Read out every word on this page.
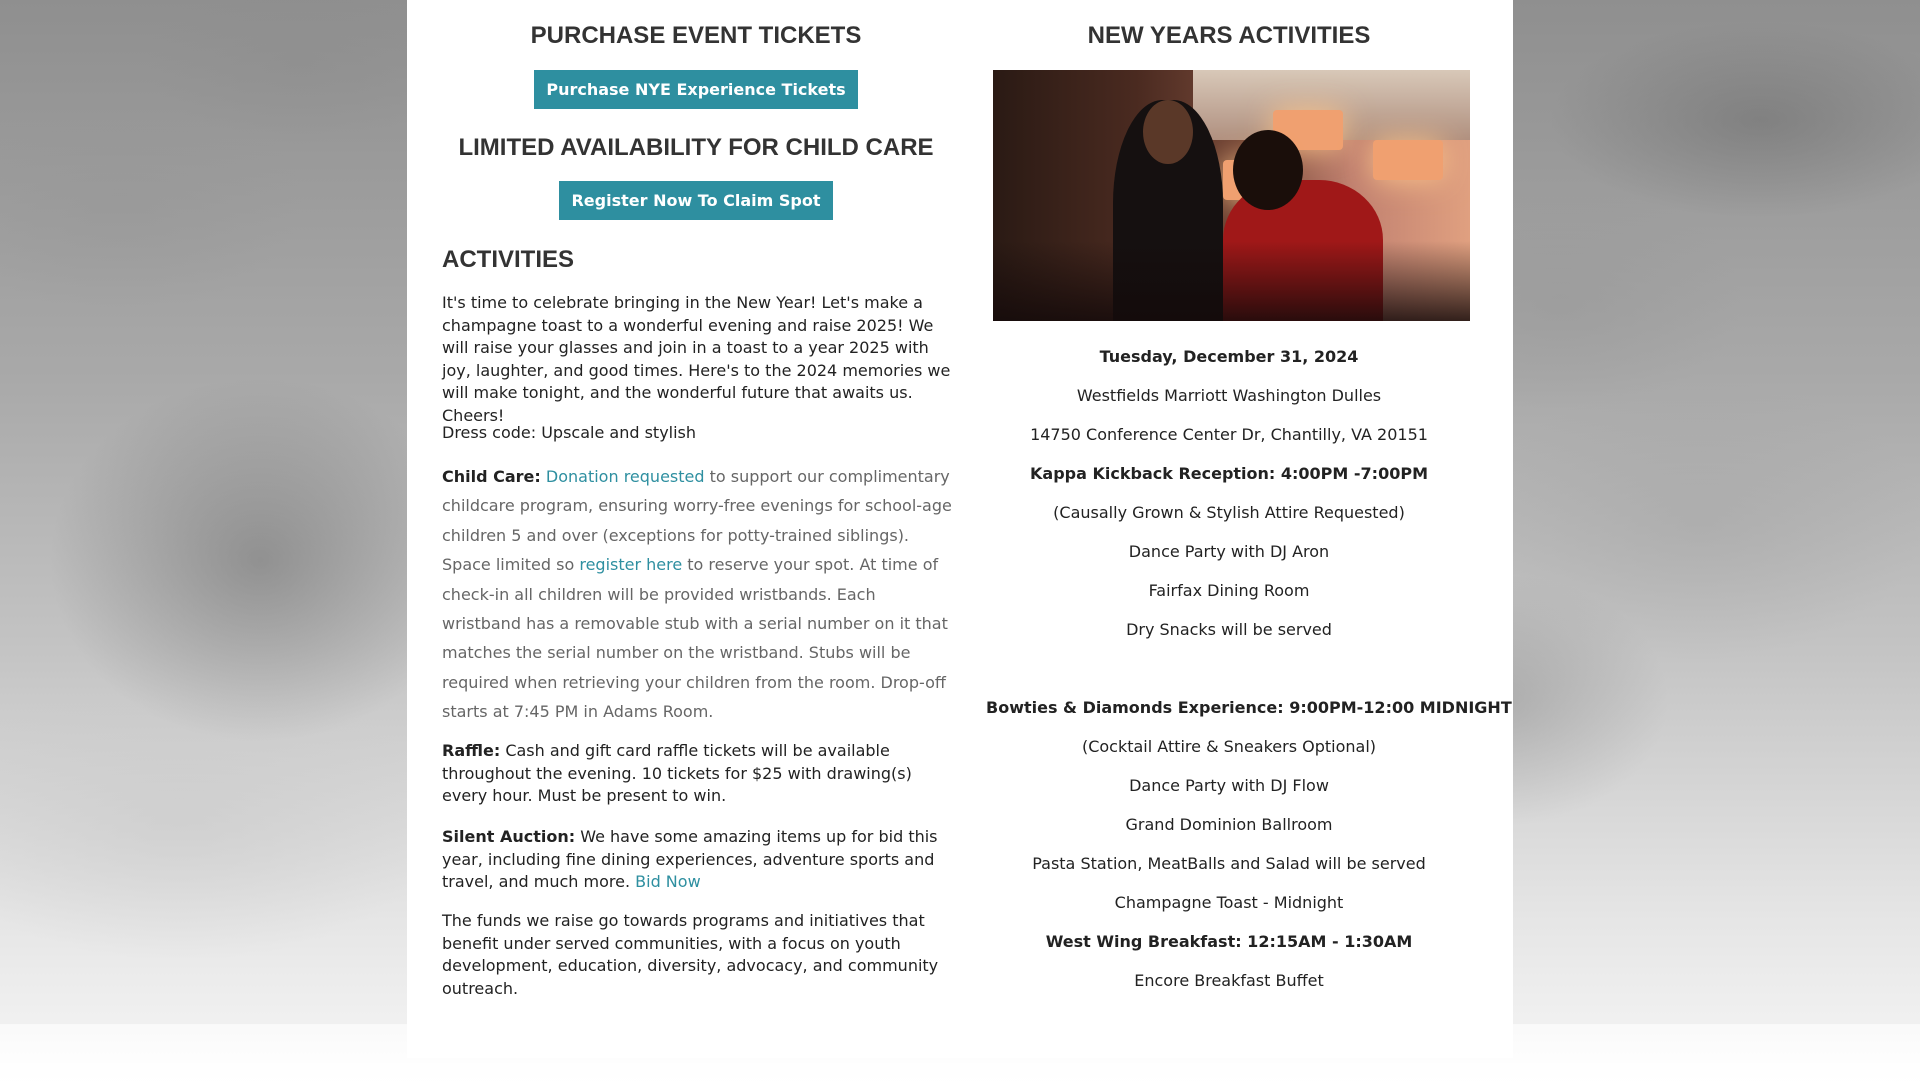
PURCHASE EVENT TICKETS
Purchase NYE Experience Tickets
LIMITED AVAILABILITY FOR CHILD CARE
Register Now To Claim Spot
ACTIVITIES

It's time to celebrate bringing in the New Year! Let's make a champagne toast to a wonderful evening and raise 2025! We will raise your glasses and join in a toast to a year 2025 with joy, laughter, and good times. Here's to the 2024 memories we will make tonight, and the wonderful future that awaits us. Cheers!

Dress code: Upscale and stylish

Child Care: Donation requested to support our complimentary childcare program, ensuring worry-free evenings for school-age children 5 and over (exceptions for potty-trained siblings). Space limited so register here to reserve your spot. At time of check-in all children will be provided wristbands. Each wristband has a removable stub with a serial number on it that matches the serial number on the wristband. Stubs will be required when retrieving your children from the room. Drop-off starts at 7:45 PM in Adams Room.

Raffle: Cash and gift card raffle tickets will be available throughout the evening. 10 tickets for $25 with drawing(s) every hour. Must be present to win.

Silent Auction: We have some amazing items up for bid this year, including fine dining experiences, adventure sports and travel, and much more. Bid Now

The funds we raise go towards programs and initiatives that benefit under served communities, with a focus on youth development, education, diversity, advocacy, and community outreach.

NEW YEARS ACTIVITIES
Tuesday, December 31, 2024
Westfields Marriott Washington Dulles
14750 Conference Center Dr, Chantilly, VA 20151
Kappa Kickback Reception: 4:00PM -7:00PM
(Causally Grown & Stylish Attire Requested)
Dance Party with DJ Aron
Fairfax Dining Room
Dry Snacks will be served
Bowties & Diamonds Experience: 9:00PM-12:00 MIDNIGHT
(Cocktail Attire & Sneakers Optional)
Dance Party with DJ Flow
Grand Dominion Ballroom
Pasta Station, MeatBalls and Salad will be served
Champagne Toast - Midnight
West Wing Breakfast: 12:15AM - 1:30AM
Encore Breakfast Buffet
